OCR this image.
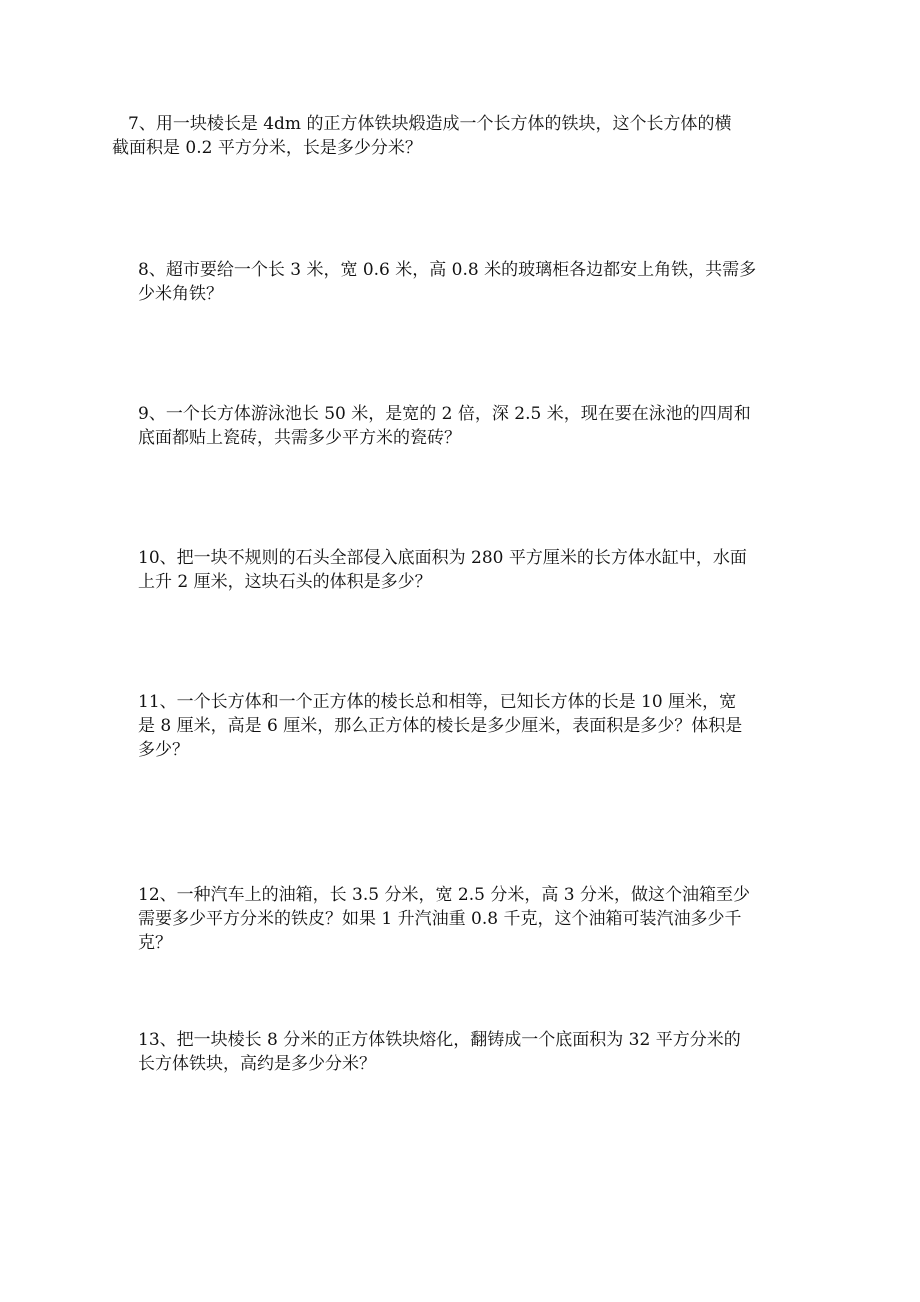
7、用一块棱长是 4dm 的正方体铁块煅造成一个长方体的铁块，这个长方体的横
截面积是 0.2 平方分米，长是多少分米？

8、超市要给一个长 3 米，宽 0.6 米，高 0.8 米的玻璃柜各边都安上角铁，共需多
少米角铁？

9、一个长方体游泳池长 50 米，是宽的 2 倍，深 2.5 米，现在要在泳池的四周和
底面都贴上瓷砖，共需多少平方米的瓷砖？

10、把一块不规则的石头全部侵入底面积为 280 平方厘米的长方体水缸中，水面
上升 2 厘米，这块石头的体积是多少？

11、一个长方体和一个正方体的棱长总和相等，已知长方体的长是 10 厘米，宽
是 8 厘米，高是 6 厘米，那么正方体的棱长是多少厘米，表面积是多少？体积是
多少？

12、一种汽车上的油箱，长 3.5 分米，宽 2.5 分米，高 3 分米，做这个油箱至少
需要多少平方分米的铁皮？如果 1 升汽油重 0.8 千克，这个油箱可装汽油多少千
克？

13、把一块棱长 8 分米的正方体铁块熔化，翻铸成一个底面积为 32 平方分米的
长方体铁块，高约是多少分米？
